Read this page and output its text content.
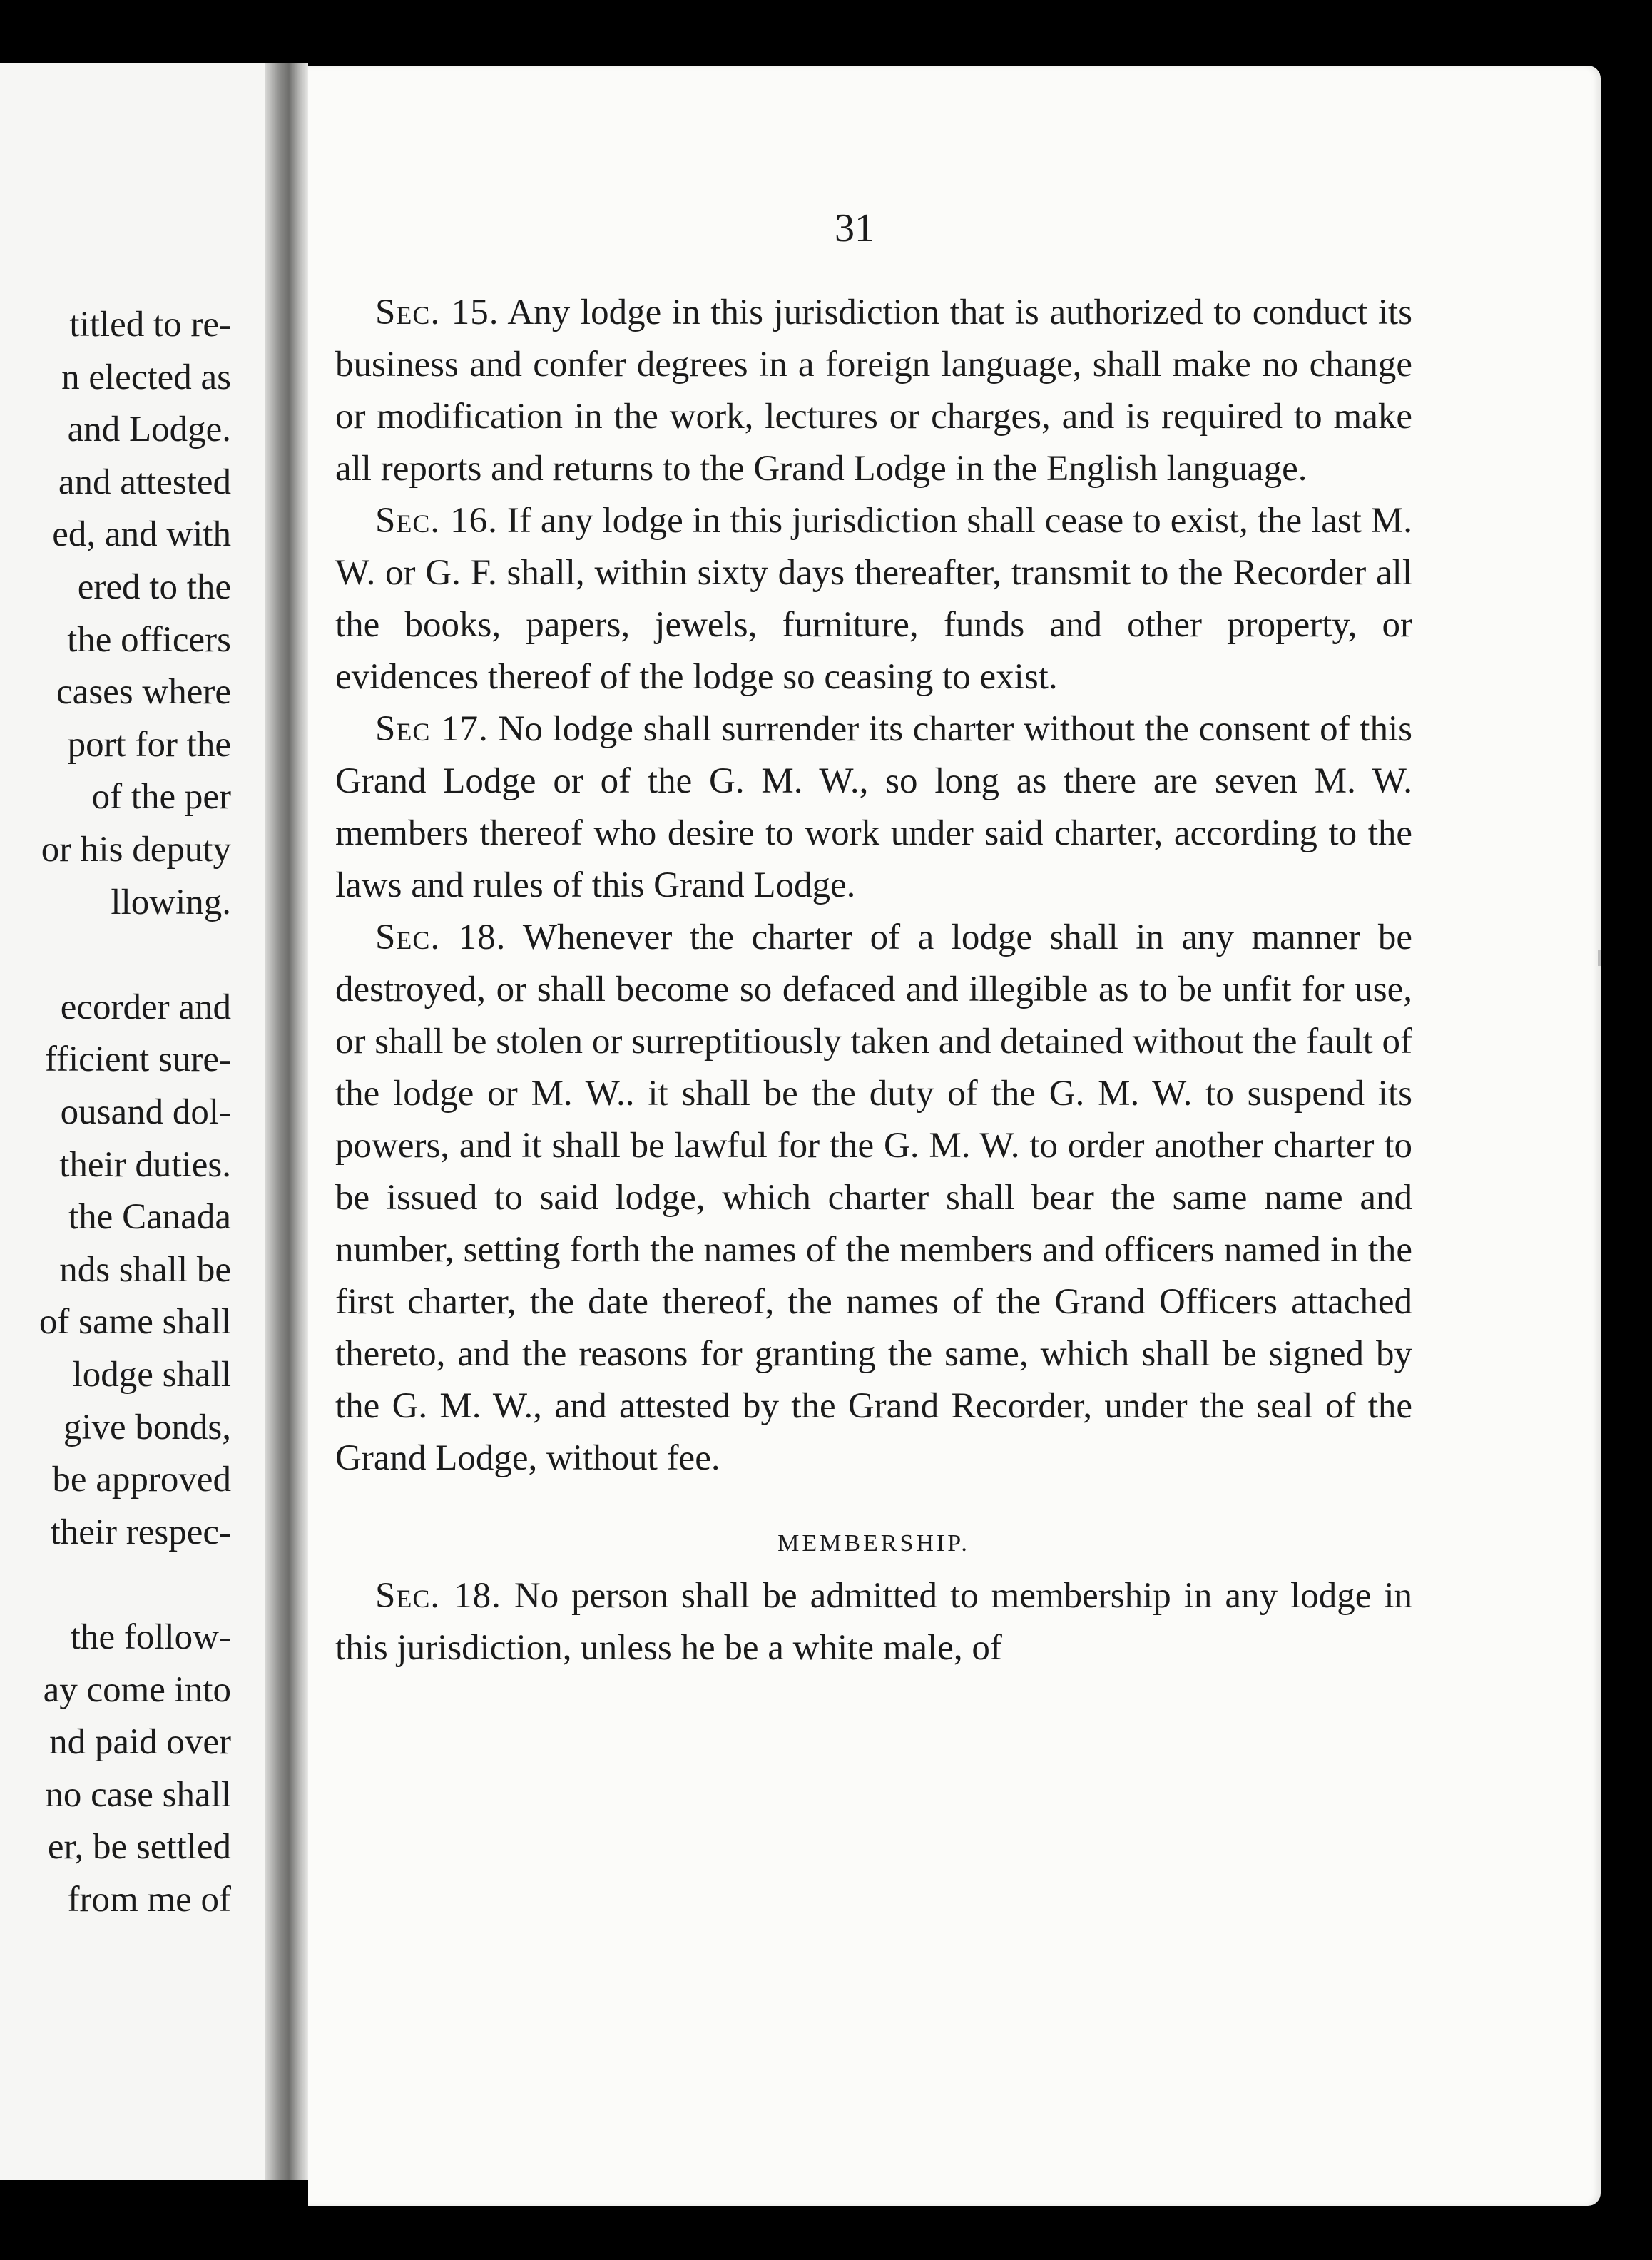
titled to re-
n elected as
and Lodge.
and attested
ed, and with
ered to the
the officers
cases where
port for the
of the per
or his deputy
llowing.
ecorder and
fficient sure-
ousand dol-
their duties.
the Canada
nds shall be
of same shall
lodge shall
give bonds,
be approved
their respec-
the follow-
ay come into
nd paid over
no case shall
er, be settled
from me of
31

Sec. 15. Any lodge in this jurisdiction that is authorized to conduct its business and confer degrees in a foreign language, shall make no change or modification in the work, lectures or charges, and is required to make all reports and returns to the Grand Lodge in the English language.

Sec. 16. If any lodge in this jurisdiction shall cease to exist, the last M. W. or G. F. shall, within sixty days thereafter, transmit to the Recorder all the books, papers, jewels, furniture, funds and other property, or evidences thereof of the lodge so ceasing to exist.

Sec 17. No lodge shall surrender its charter without the consent of this Grand Lodge or of the G. M. W., so long as there are seven M. W. members thereof who desire to work under said charter, according to the laws and rules of this Grand Lodge.

Sec. 18. Whenever the charter of a lodge shall in any manner be destroyed, or shall become so defaced and illegible as to be unfit for use, or shall be stolen or surreptitiously taken and detained without the fault of the lodge or M. W.. it shall be the duty of the G. M. W. to suspend its powers, and it shall be lawful for the G. M. W. to order another charter to be issued to said lodge, which charter shall bear the same name and number, setting forth the names of the members and officers named in the first charter, the date thereof, the names of the Grand Officers attached thereto, and the reasons for granting the same, which shall be signed by the G. M. W., and attested by the Grand Recorder, under the seal of the Grand Lodge, without fee.

MEMBERSHIP.

Sec. 18. No person shall be admitted to membership in any lodge in this jurisdiction, unless he be a white male, of
